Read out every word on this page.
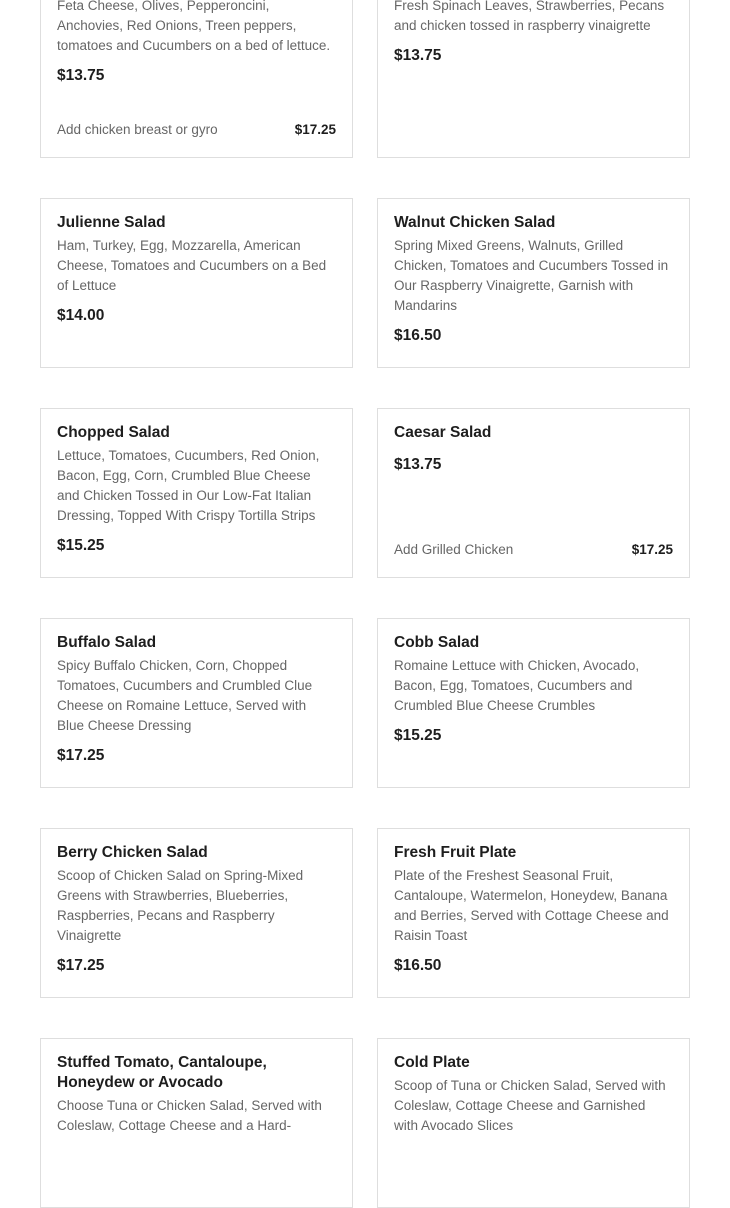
Feta Cheese, Olives, Pepperoncini, Anchovies, Red Onions, Treen peppers, tomatoes and Cucumbers on a bed of lettuce.
$13.75
Add chicken breast or gyro	$17.25
Fresh Spinach Leaves, Strawberries, Pecans and chicken tossed in raspberry vinaigrette
$13.75
Julienne Salad
Ham, Turkey, Egg, Mozzarella, American Cheese, Tomatoes and Cucumbers on a Bed of Lettuce
$14.00
Walnut Chicken Salad
Spring Mixed Greens, Walnuts, Grilled Chicken, Tomatoes and Cucumbers Tossed in Our Raspberry Vinaigrette, Garnish with Mandarins
$16.50
Chopped Salad
Lettuce, Tomatoes, Cucumbers, Red Onion, Bacon, Egg, Corn, Crumbled Blue Cheese and Chicken Tossed in Our Low-Fat Italian Dressing, Topped With Crispy Tortilla Strips
$15.25
Caesar Salad
$13.75
Add Grilled Chicken	$17.25
Buffalo Salad
Spicy Buffalo Chicken, Corn, Chopped Tomatoes, Cucumbers and Crumbled Clue Cheese on Romaine Lettuce, Served with Blue Cheese Dressing
$17.25
Cobb Salad
Romaine Lettuce with Chicken, Avocado, Bacon, Egg, Tomatoes, Cucumbers and Crumbled Blue Cheese Crumbles
$15.25
Berry Chicken Salad
Scoop of Chicken Salad on Spring-Mixed Greens with Strawberries, Blueberries, Raspberries, Pecans and Raspberry Vinaigrette
$17.25
Fresh Fruit Plate
Plate of the Freshest Seasonal Fruit, Cantaloupe, Watermelon, Honeydew, Banana and Berries, Served with Cottage Cheese and Raisin Toast
$16.50
Stuffed Tomato, Cantaloupe, Honeydew or Avocado
Choose Tuna or Chicken Salad, Served with Coleslaw, Cottage Cheese and a Hard-
Cold Plate
Scoop of Tuna or Chicken Salad, Served with Coleslaw, Cottage Cheese and Garnished with Avocado Slices
